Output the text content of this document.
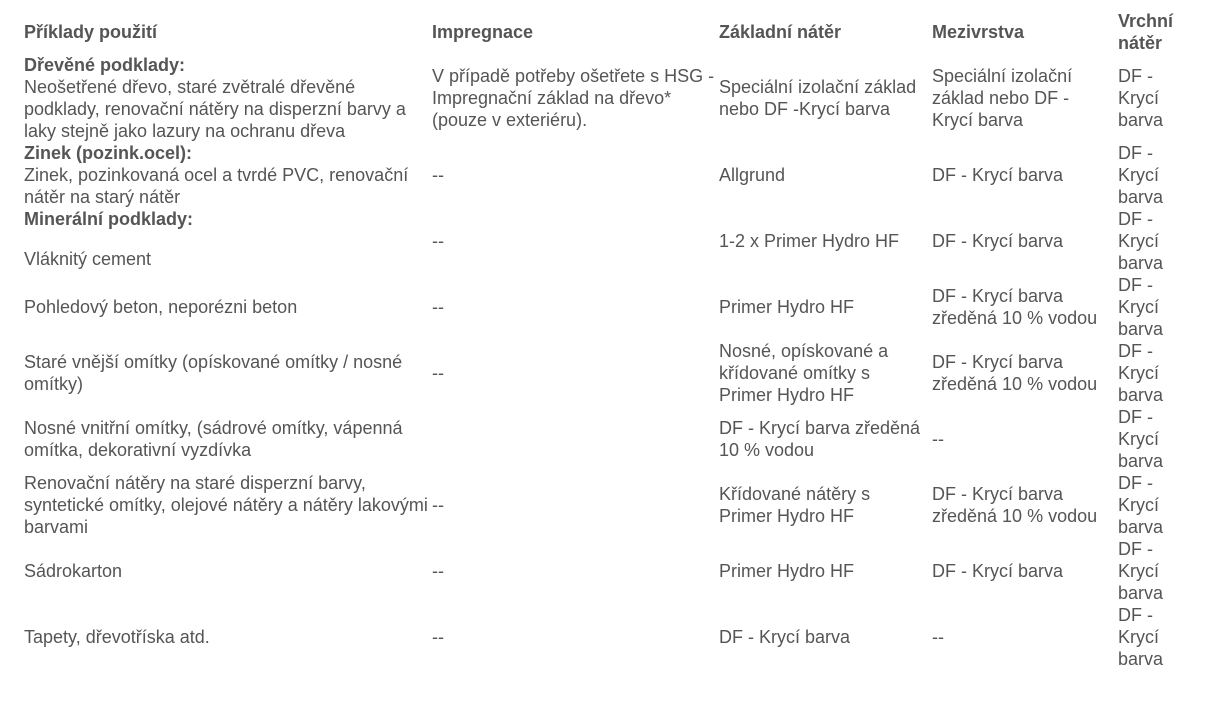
Příklady použití	Impregnace	Základní nátěr	Mezivrstva	Vrchní nátěr

Dřevěné podklady:
Neošetřené dřevo, staré zvětralé dřevěné podklady, renovační nátěry na disperzní barvy a laky stejně jako lazury na ochranu dřeva	V případě potřeby ošetřete s HSG - Impregnační základ na dřevo* (pouze v exteriéru).	Speciální izolační základ nebo DF -Krycí barva	Speciální izolační základ nebo DF - Krycí barva	DF - Krycí barva

Zinek (pozink.ocel):
Zinek, pozinkovaná ocel a tvrdé PVC, renovační nátěr na starý nátěr	--	Allgrund	DF - Krycí barva	DF - Krycí barva

Minerální podklady:
Vláknitý cement	--	1-2 x Primer Hydro HF	DF - Krycí barva	DF - Krycí barva
Pohledový beton, neporézni beton	--	Primer Hydro HF	DF - Krycí barva zředěná 10 % vodou	DF - Krycí barva
Staré vnější omítky (opískované omítky / nosné omítky)	--	Nosné, opískované a křídované omítky s Primer Hydro HF	DF - Krycí barva zředěná 10 % vodou	DF - Krycí barva
Nosné vnitřní omítky, (sádrové omítky, vápenná omítka, dekorativní vyzdívka		DF - Krycí barva zředěná 10 % vodou	--	DF - Krycí barva
Renovační nátěry na staré disperzní barvy, syntetické omítky, olejové nátěry a nátěry lakovými barvami	--	Křídované nátěry s Primer Hydro HF	DF - Krycí barva zředěná 10 % vodou	DF - Krycí barva
Sádrokarton	--	Primer Hydro HF	DF - Krycí barva	DF - Krycí barva
Tapety, dřevotříska atd.	--	DF - Krycí barva	--	DF - Krycí barva
